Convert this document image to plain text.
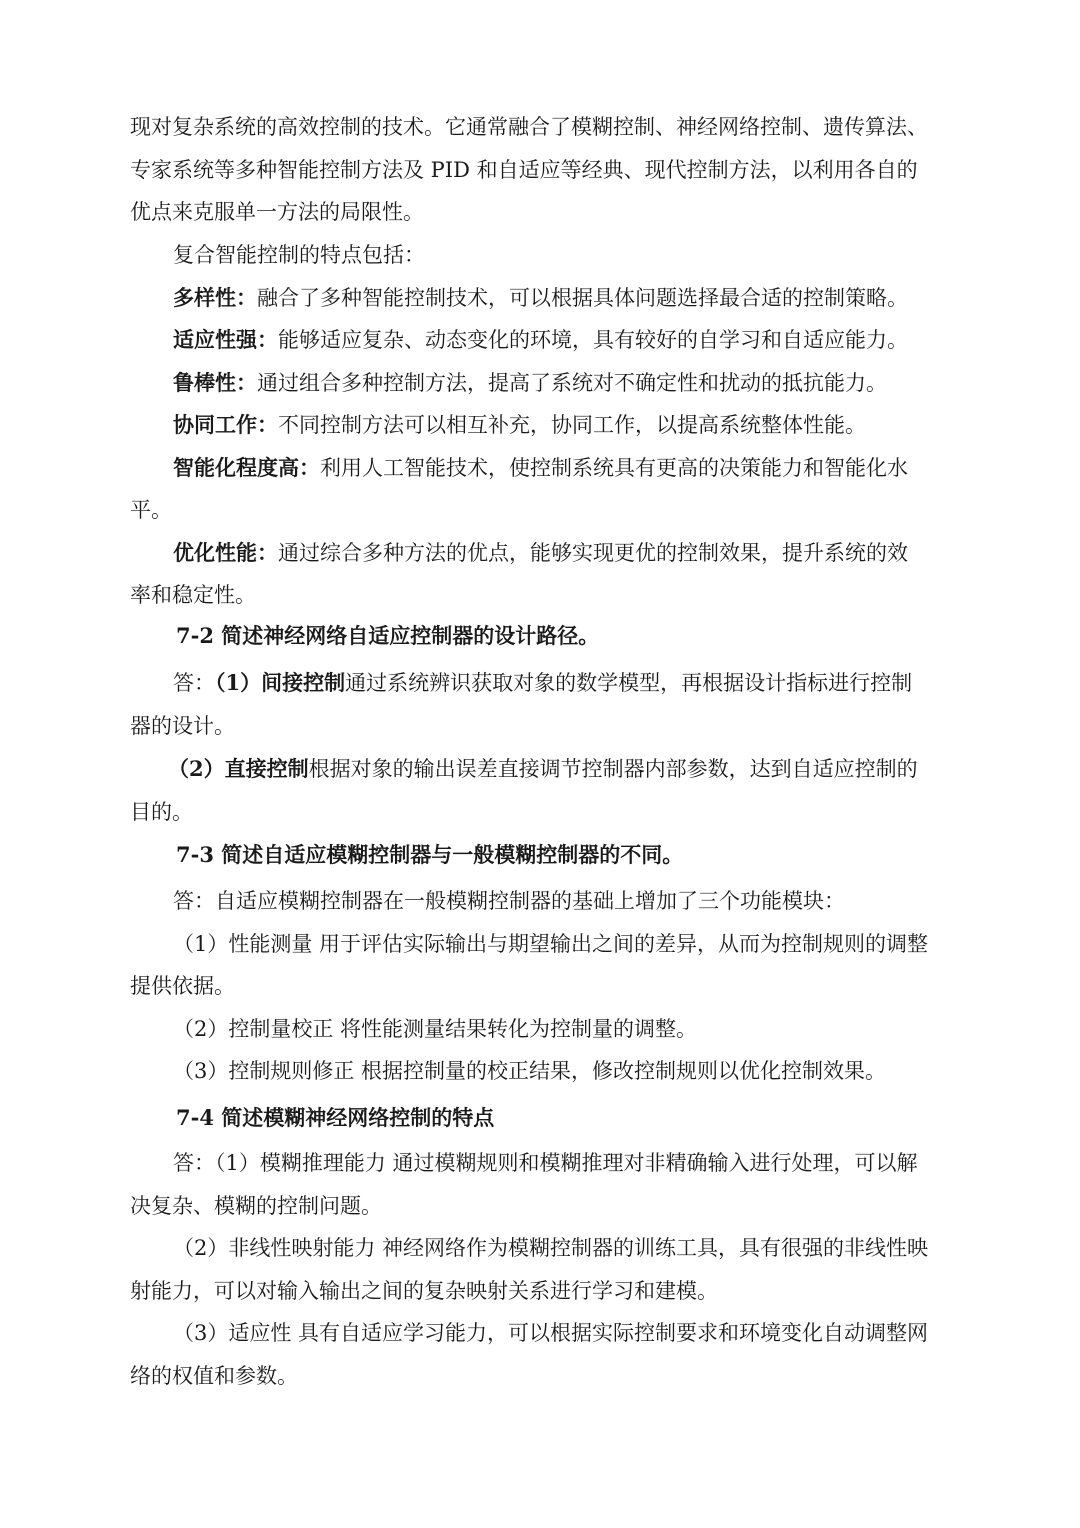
现对复杂系统的高效控制的技术。它通常融合了模糊控制、神经网络控制、遗传算法、
专家系统等多种智能控制方法及 PID 和自适应等经典、现代控制方法，以利用各自的
优点来克服单一方法的局限性。
复合智能控制的特点包括：
多样性：融合了多种智能控制技术，可以根据具体问题选择最合适的控制策略。
适应性强：能够适应复杂、动态变化的环境，具有较好的自学习和自适应能力。
鲁棒性：通过组合多种控制方法，提高了系统对不确定性和扰动的抵抗能力。
协同工作：不同控制方法可以相互补充，协同工作，以提高系统整体性能。
智能化程度高：利用人工智能技术，使控制系统具有更高的决策能力和智能化水
平。
优化性能：通过综合多种方法的优点，能够实现更优的控制效果，提升系统的效
率和稳定性。
7-2 简述神经网络自适应控制器的设计路径。
答：（1）间接控制通过系统辨识获取对象的数学模型，再根据设计指标进行控制
器的设计。
（2）直接控制根据对象的输出误差直接调节控制器内部参数，达到自适应控制的
目的。
7-3 简述自适应模糊控制器与一般模糊控制器的不同。
答：自适应模糊控制器在一般模糊控制器的基础上增加了三个功能模块：
（1）性能测量 用于评估实际输出与期望输出之间的差异，从而为控制规则的调整
提供依据。
（2）控制量校正 将性能测量结果转化为控制量的调整。
（3）控制规则修正 根据控制量的校正结果，修改控制规则以优化控制效果。
7-4 简述模糊神经网络控制的特点
答：（1）模糊推理能力 通过模糊规则和模糊推理对非精确输入进行处理，可以解
决复杂、模糊的控制问题。
（2）非线性映射能力 神经网络作为模糊控制器的训练工具，具有很强的非线性映
射能力，可以对输入输出之间的复杂映射关系进行学习和建模。
（3）适应性 具有自适应学习能力，可以根据实际控制要求和环境变化自动调整网
络的权值和参数。
